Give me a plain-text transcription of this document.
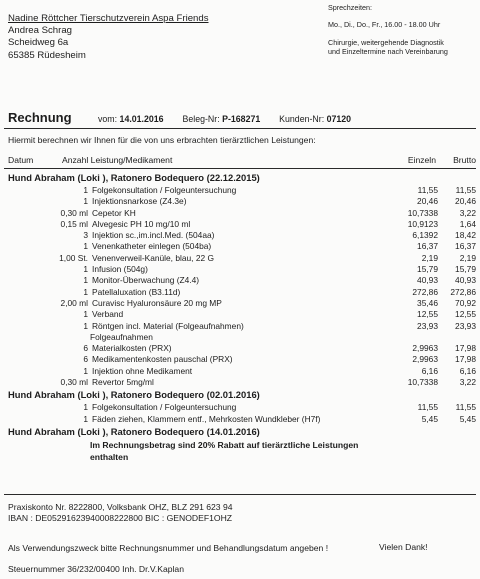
Nadine Röttcher Tierschutzverein Aspa Friends
Andrea Schrag
Scheidweg 6a
65385 Rüdesheim
Sprechzeiten:
Mo., Di., Do., Fr., 16.00 - 18.00 Uhr
Chirurgie, weitergehende Diagnostik
und Einzeltermine nach Vereinbarung
Rechnung	vom: 14.01.2016 Beleg-Nr: P-168271 Kunden-Nr: 07120
Hiermit berechnen wir Ihnen für die von uns erbrachten tierärztlichen Leistungen:
Datum	Anzahl Leistung/Medikament	Einzeln Brutto
Hund Abraham (Loki ), Ratonero Bodequero (22.12.2015)
1 Folgekonsultation / Folgeuntersuchung	11,55 11,55
1 Injektionsnarkose (Z4.3e)	20,46 20,46
0,30 ml Cepetor KH	10,7338	3,22
0,15 ml Alvegesic PH 10 mg/10 ml	10,9123	1,64
3 Injektion sc.,im.incl.Med. (504aa)	6,1392 18,42
1 Venenkatheter einlegen (504ba)	16,37 16,37
1,00 St. Venenverweil-Kanüle, blau, 22 G	2,19	2,19
1 Infusion (504g)	15,79 15,79
1 Monitor-Überwachung (Z4.4)	40,93 40,93
1 Patellaluxation (B3.11d)	272,86 272,86
2,00 ml Curavisc Hyaluronsäure 20 mg MP	35,46 70,92
1 Verband	12,55 12,55
1 Röntgen incl. Material (Folgeaufnahmen)	23,93 23,93
Folgeaufnahmen
6 Materialkosten (PRX)	2,9963 17,98
6 Medikamentenkosten pauschal (PRX)	2,9963 17,98
1 Injektion ohne Medikament	6,16	6,16
0,30 ml Revertor 5mg/ml	10,7338	3,22
Hund Abraham (Loki ), Ratonero Bodequero (02.01.2016)
1 Folgekonsultation / Folgeuntersuchung	11,55 11,55
1 Fäden ziehen, Klammern entf., Mehrkosten Wundkleber (H7f)	5,45	5,45
Hund Abraham (Loki ), Ratonero Bodequero (14.01.2016)
Im Rechnungsbetrag sind 20% Rabatt auf tierärztliche Leistungen enthalten
Praxiskonto Nr. 8222800, Volksbank OHZ, BLZ 291 623 94
IBAN : DE05291623940008222800 BIC : GENODEF1OHZ
Als Verwendungszweck bitte Rechnungsnummer und Behandlungsdatum angeben !	Vielen Dank!
Steuernummer 36/232/00400 Inh. Dr.V.Kaplan
